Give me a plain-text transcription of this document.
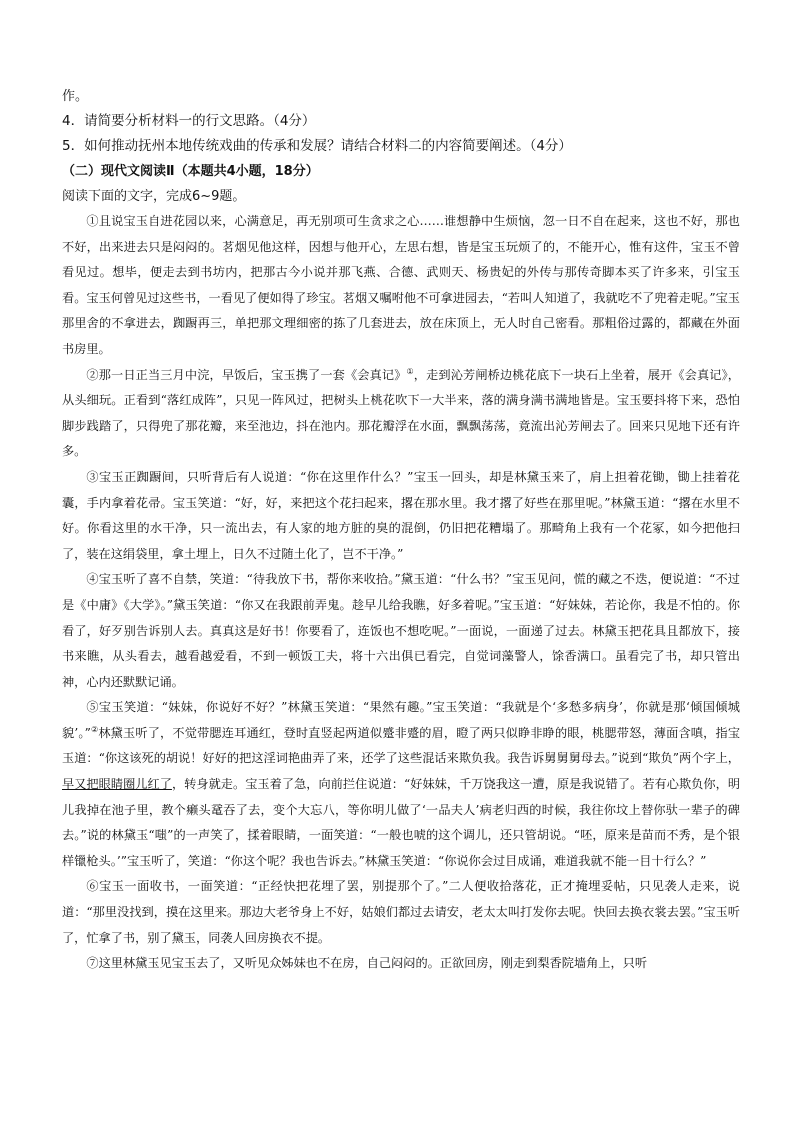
作。
4．请简要分析材料一的行文思路。（4分）
5．如何推动抚州本地传统戏曲的传承和发展？请结合材料二的内容简要阐述。（4分）
（二）现代文阅读Ⅱ（本题共4小题，18分）
阅读下面的文字，完成6~9题。
①且说宝玉自进花园以来，心满意足，再无别项可生贪求之心……谁想静中生烦恼，忽一日不自在起来，这也不好，那也不好，出来进去只是闷闷的。茗烟见他这样，因想与他开心，左思右想，皆是宝玉玩烦了的，不能开心，惟有这件，宝玉不曾看见过。想毕，便走去到书坊内，把那古今小说并那飞燕、合德、武则天、杨贵妃的外传与那传奇脚本买了许多来，引宝玉看。宝玉何曾见过这些书，一看见了便如得了珍宝。茗烟又嘱咐他不可拿进园去，“若叫人知道了，我就吃不了兜着走呢。”宝玉那里舍的不拿进去，踟蹰再三，单把那文理细密的拣了几套进去，放在床顶上，无人时自己密看。那粗俗过露的，都藏在外面书房里。
②那一日正当三月中浣，早饭后，宝玉携了一套《会真记》①，走到沁芳闸桥边桃花底下一块石上坐着，展开《会真记》，从头细玩。正看到“落红成阵”，只见一阵风过，把树头上桃花吹下一大半来，落的满身满书满地皆是。宝玉要抖将下来，恐怕脚步践踏了，只得兜了那花瓣，来至池边，抖在池内。那花瓣浮在水面，飘飘荡荡，竟流出沁芳闸去了。回来只见地下还有许多。
③宝玉正踟蹰间，只听背后有人说道：“你在这里作什么？”宝玉一回头，却是林黛玉来了，肩上担着花锄，锄上挂着花囊，手内拿着花帚。宝玉笑道：“好，好，来把这个花扫起来，撂在那水里。我才撂了好些在那里呢。”林黛玉道：“撂在水里不好。你看这里的水干净，只一流出去，有人家的地方脏的臭的混倒，仍旧把花糟塌了。那畸角上我有一个花冢，如今把他扫了，装在这绢袋里，拿土埋上，日久不过随土化了，岂不干净。”
④宝玉听了喜不自禁，笑道：“待我放下书，帮你来收拾。”黛玉道：“什么书？”宝玉见问，慌的藏之不迭，便说道：“不过是《中庸》《大学》。”黛玉笑道：“你又在我跟前弄鬼。趁早儿给我瞧，好多着呢。”宝玉道：“好妹妹，若论你，我是不怕的。你看了，好歹别告诉别人去。真真这是好书！你要看了，连饭也不想吃呢。”一面说，一面递了过去。林黛玉把花具且都放下，接书来瞧，从头看去，越看越爱看，不到一顿饭工夫，将十六出俱已看完，自觉词藻警人，馀香满口。虽看完了书，却只管出神，心内还默默记诵。
⑤宝玉笑道：“妹妹，你说好不好？”林黛玉笑道：“果然有趣。”宝玉笑道：“我就是个‘多愁多病身’，你就是那‘倾国倾城貌’。”②林黛玉听了，不觉带腮连耳通红，登时直竖起两道似蹙非蹙的眉，瞪了两只似睁非睁的眼，桃腮带怒，薄面含嗔，指宝玉道：“你这该死的胡说！好好的把这淫词艳曲弄了来，还学了这些混话来欺负我。我告诉舅舅舅母去。”说到“欺负”两个字上，早又把眼睛圈儿红了，转身就走。宝玉着了急，向前拦住说道：“好妹妹，千万饶我这一遭，原是我说错了。若有心欺负你，明儿我掉在池子里，教个癞头鼋吞了去，变个大忘八，等你明儿做了‘一品夫人’病老归西的时候，我往你坟上替你驮一辈子的碑去。”说的林黛玉“嗤”的一声笑了，揉着眼睛，一面笑道：“一般也唬的这个调儿，还只管胡说。“呸，原来是苗而不秀，是个银样镴枪头。’”宝玉听了，笑道：“你这个呢？我也告诉去。”林黛玉笑道：“你说你会过目成诵，难道我就不能一目十行么？”
⑥宝玉一面收书，一面笑道：“正经快把花埋了罢，别提那个了。”二人便收拾落花，正才掩埋妥帖，只见袭人走来，说道：“那里没找到，摸在这里来。那边大老爷身上不好，姑娘们都过去请安，老太太叫打发你去呢。快回去换衣裳去罢。”宝玉听了，忙拿了书，别了黛玉，同袭人回房换衣不提。
⑦这里林黛玉见宝玉去了，又听见众姊妹也不在房，自己闷闷的。正欲回房，刚走到梨香院墙角上，只听
